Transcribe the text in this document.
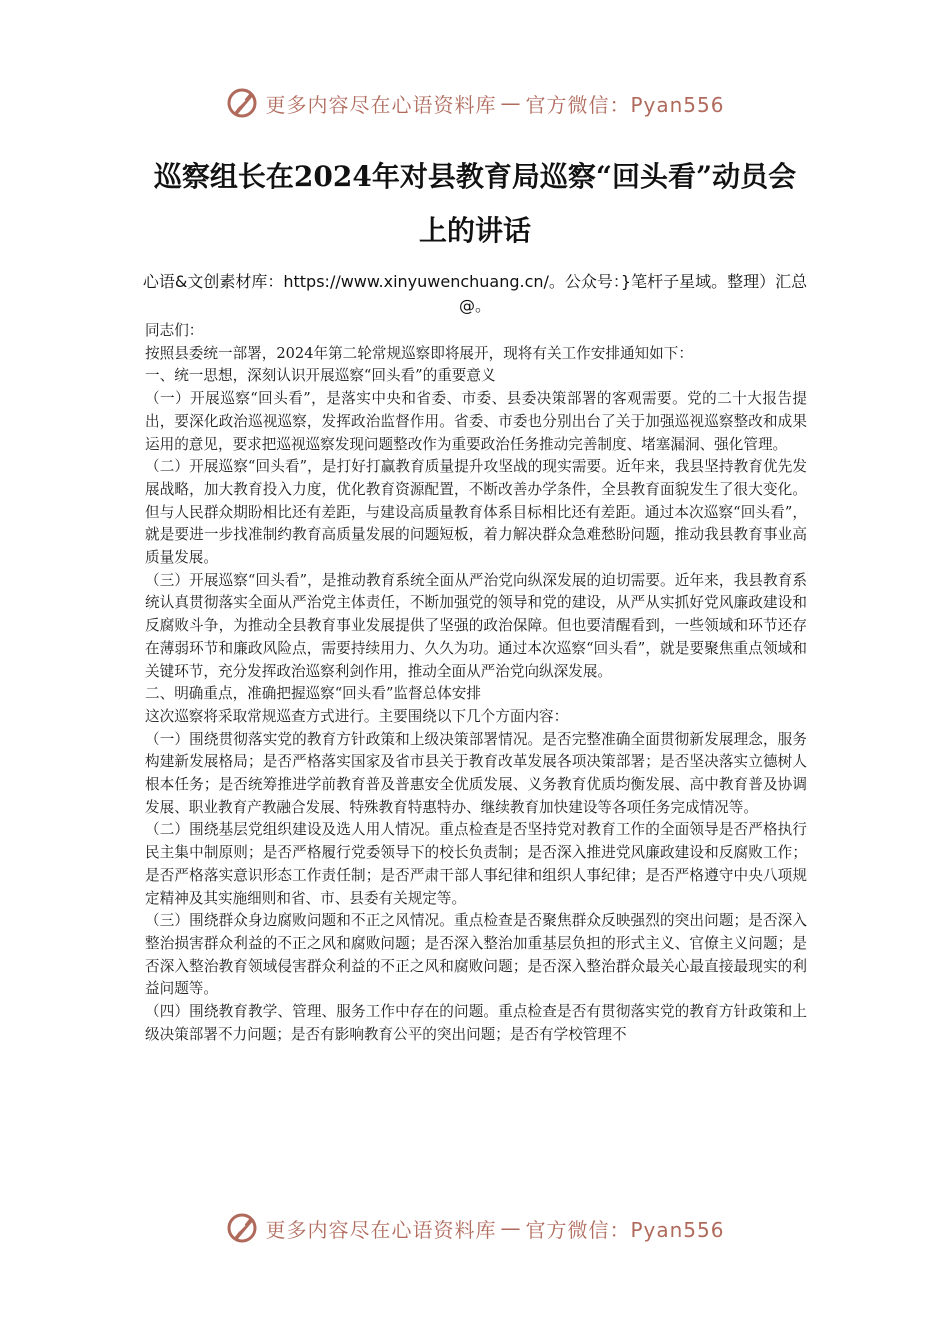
更多内容尽在心语资料库 — 官方微信：Pyan556
巡察组长在2024年对县教育局巡察“回头看”动员会上的讲话
心语&文创素材库：https://www.xinyuwenchuang.cn/。公众号：}笔杆子星域。整理）汇总@。

同志们：

按照县委统一部署，2024年第二轮常规巡察即将展开，现将有关工作安排通知如下：

一、统一思想，深刻认识开展巡察“回头看”的重要意义

（一）开展巡察“回头看”，是落实中央和省委、市委、县委决策部署的客观需要。党的二十大报告提出，要深化政治巡视巡察，发挥政治监督作用。省委、市委也分别出台了关于加强巡视巡察整改和成果运用的意见，要求把巡视巡察发现问题整改作为重要政治任务推动完善制度、堵塞漏洞、强化管理。

（二）开展巡察“回头看”，是打好打赢教育质量提升攻坚战的现实需要。近年来，我县坚持教育优先发展战略，加大教育投入力度，优化教育资源配置，不断改善办学条件，全县教育面貌发生了很大变化。但与人民群众期盼相比还有差距，与建设高质量教育体系目标相比还有差距。通过本次巡察“回头看”，就是要进一步找准制约教育高质量发展的问题短板，着力解决群众急难愁盼问题，推动我县教育事业高质量发展。

（三）开展巡察“回头看”，是推动教育系统全面从严治党向纵深发展的迫切需要。近年来，我县教育系统认真贯彻落实全面从严治党主体责任，不断加强党的领导和党的建设，从严从实抓好党风廉政建设和反腐败斗争，为推动全县教育事业发展提供了坚强的政治保障。但也要清醒看到，一些领域和环节还存在薄弱环节和廉政风险点，需要持续用力、久久为功。通过本次巡察“回头看”，就是要聚焦重点领域和关键环节，充分发挥政治巡察利剑作用，推动全面从严治党向纵深发展。

二、明确重点，准确把握巡察“回头看”监督总体安排

这次巡察将采取常规巡查方式进行。主要围绕以下几个方面内容：

（一）围绕贯彻落实党的教育方针政策和上级决策部署情况。是否完整准确全面贯彻新发展理念，服务构建新发展格局；是否严格落实国家及省市县关于教育改革发展各项决策部署；是否坚决落实立德树人根本任务；是否统筹推进学前教育普及普惠安全优质发展、义务教育优质均衡发展、高中教育普及协调发展、职业教育产教融合发展、特殊教育特惠特办、继续教育加快建设等各项任务完成情况等。

（二）围绕基层党组织建设及选人用人情况。重点检查是否坚持党对教育工作的全面领导是否严格执行民主集中制原则；是否严格履行党委领导下的校长负责制；是否深入推进党风廉政建设和反腐败工作；是否严格落实意识形态工作责任制；是否严肃干部人事纪律和组织人事纪律；是否严格遵守中央八项规定精神及其实施细则和省、市、县委有关规定等。

（三）围绕群众身边腐败问题和不正之风情况。重点检查是否聚焦群众反映强烈的突出问题；是否深入整治损害群众利益的不正之风和腐败问题；是否深入整治加重基层负担的形式主义、官僚主义问题；是否深入整治教育领域侵害群众利益的不正之风和腐败问题；是否深入整治群众最关心最直接最现实的利益问题等。

（四）围绕教育教学、管理、服务工作中存在的问题。重点检查是否有贯彻落实党的教育方针政策和上级决策部署不力问题；是否有影响教育公平的突出问题；是否有学校管理不

更多内容尽在心语资料库 — 官方微信：Pyan556
